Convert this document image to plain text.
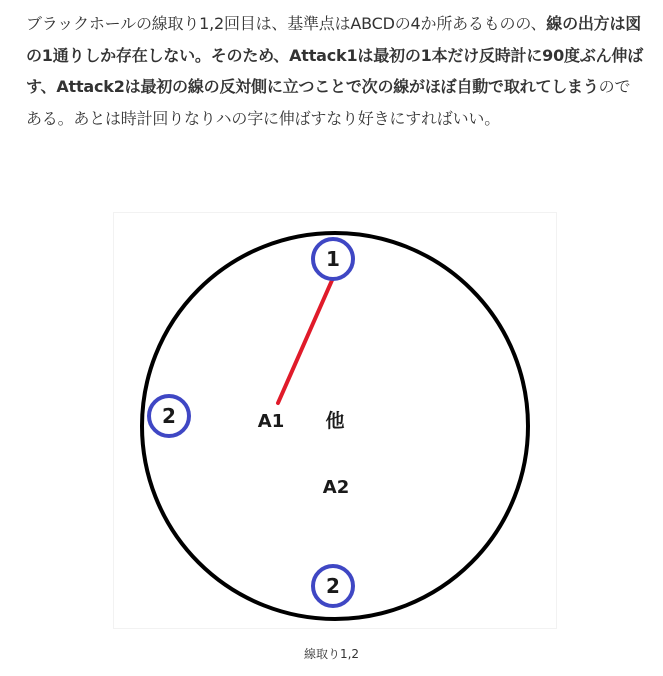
ブラックホールの線取り1,2回目は、基準点はABCDの4か所あるものの、線の出方は図の1通りしか存在しない。そのため、Attack1は最初の1本だけ反時計に90度ぶん伸ばす、Attack2は最初の線の反対側に立つことで次の線がほぼ自動で取れてしまうのである。あとは時計回りなりハの字に伸ばすなり好きにすればいい。
1
2
2
A1 他
A2
線取り1,2
